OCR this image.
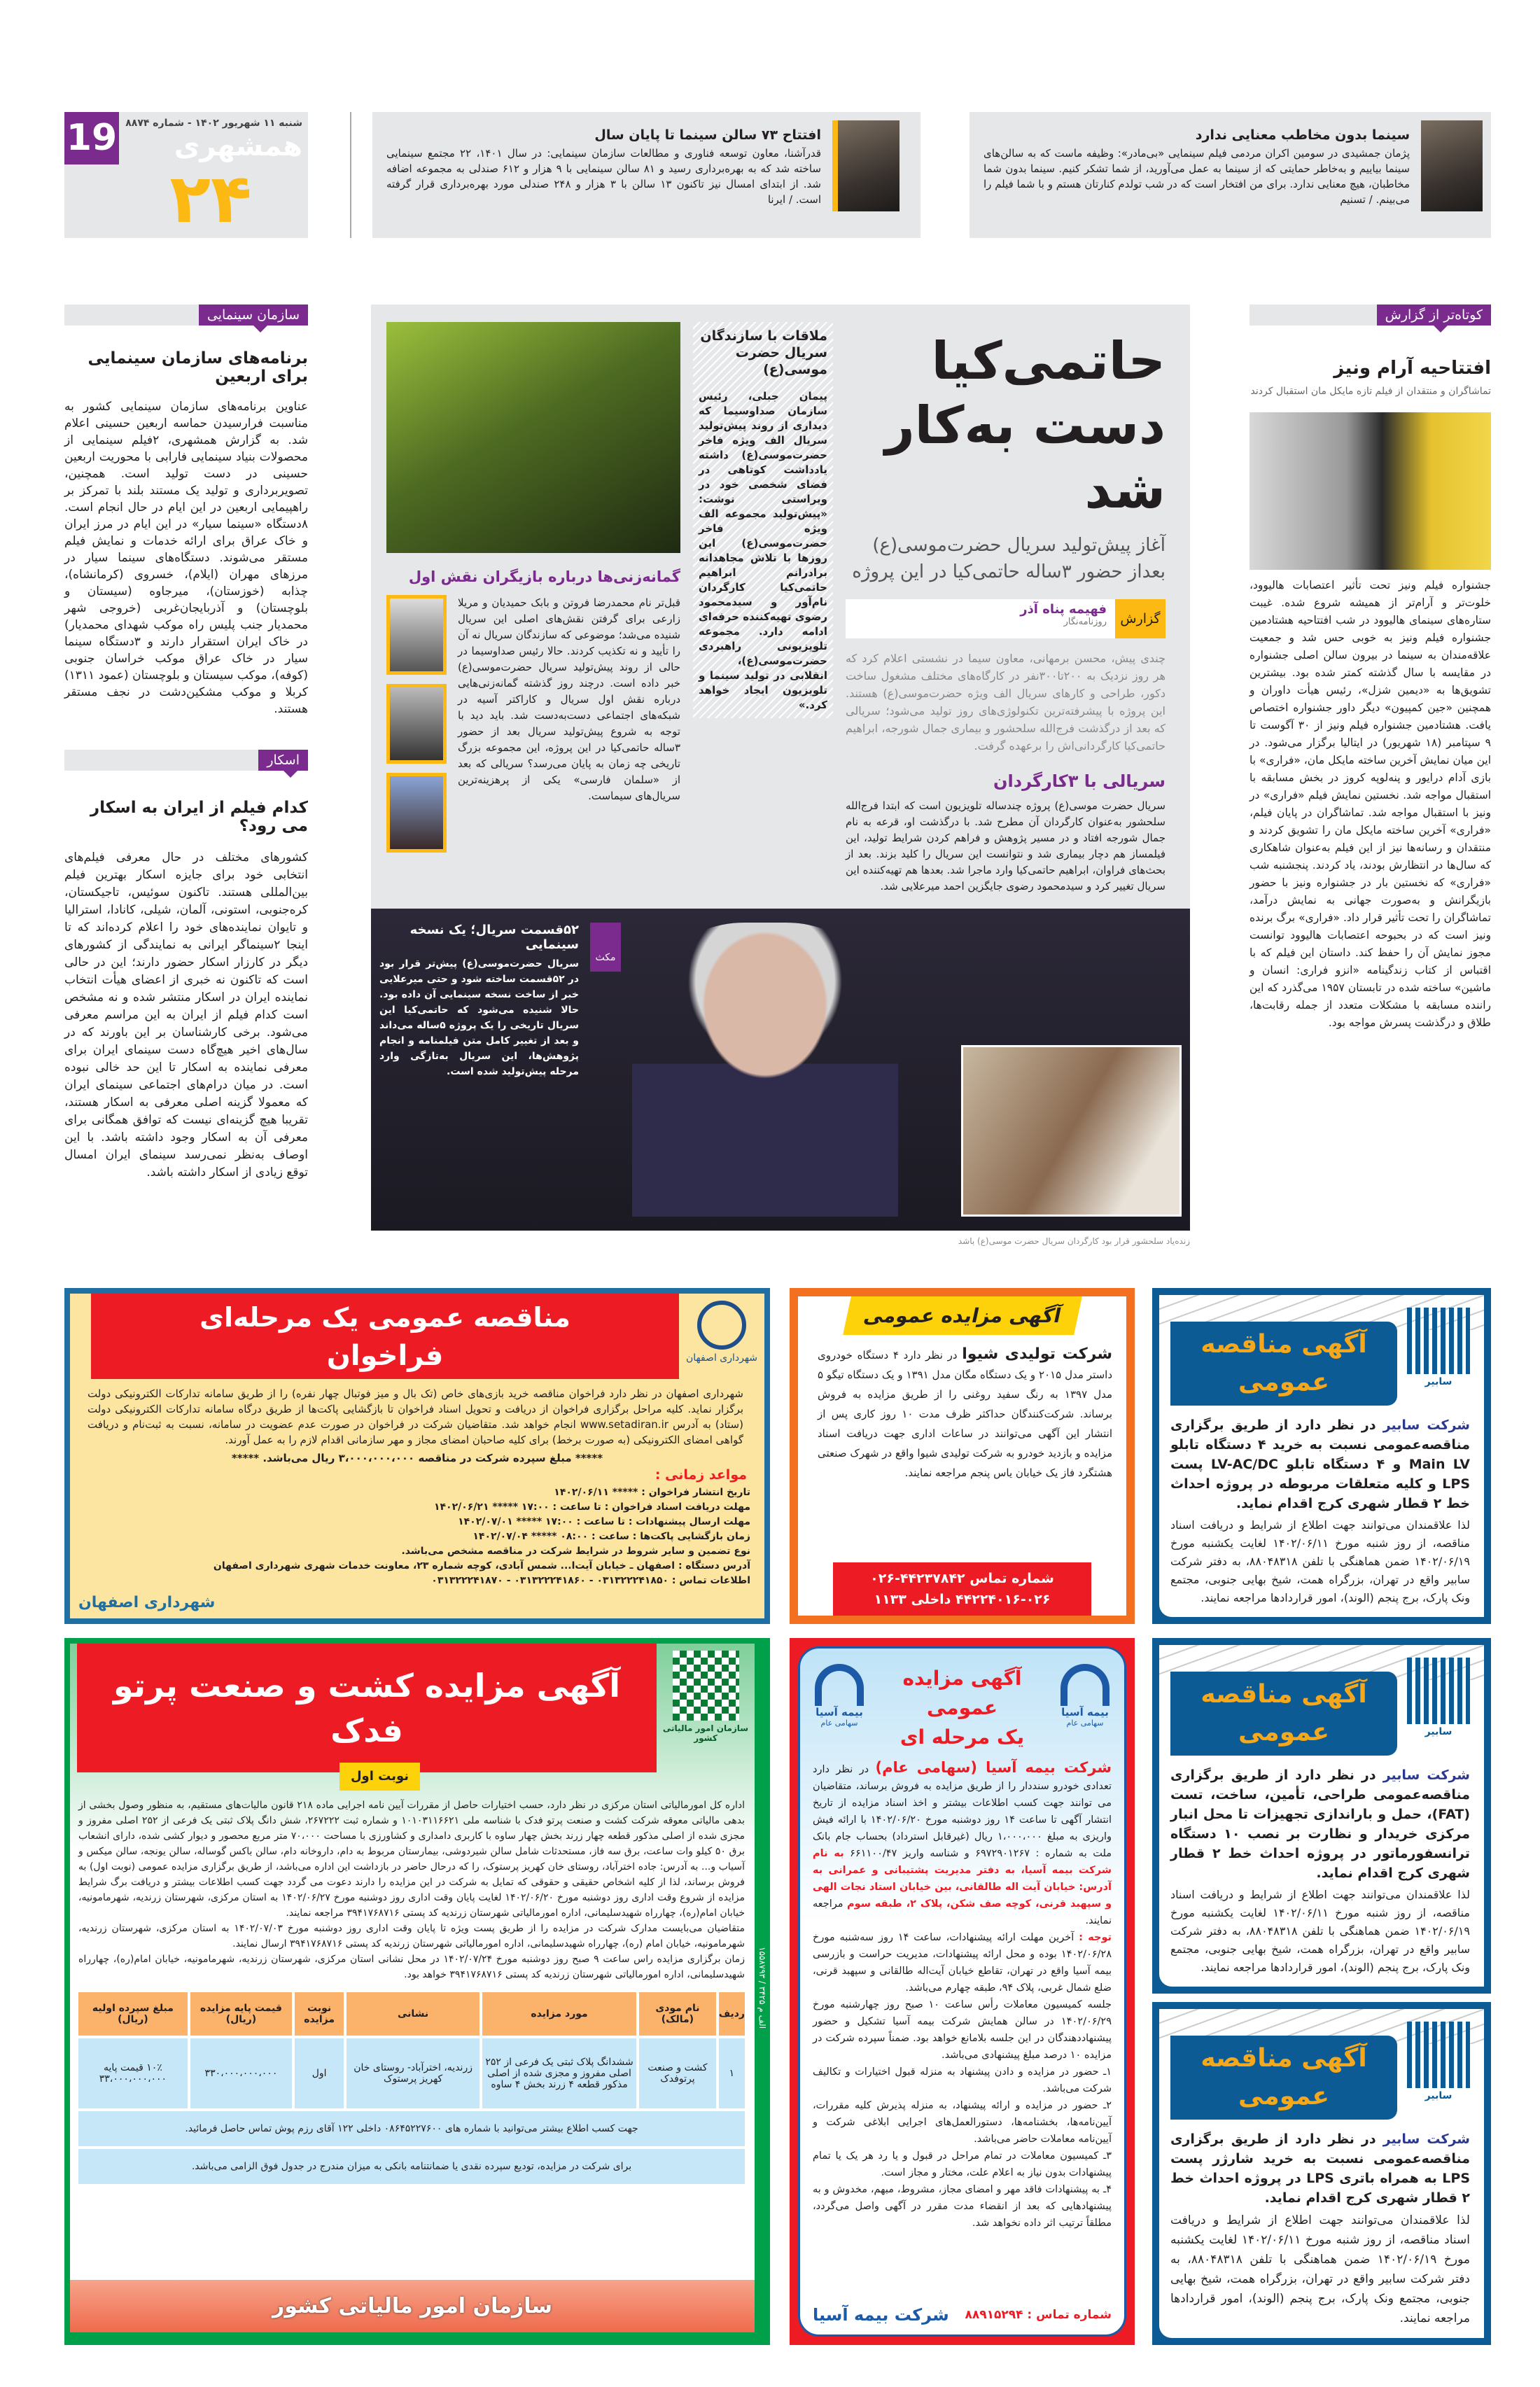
19 شنبه ۱۱ شهریور ۱۴۰۲ - شماره ۸۸۷۴
همشهری
۲۴
افتتاح ۷۳ سالن سینما تا پایان سال
قدرآشنا، معاون توسعه فناوری و مطالعات سازمان سینمایی: در سال ۱۴۰۱، ۲۲ مجتمع سینمایی ساخته شد که به بهره‌برداری رسید و ۸۱ سالن سینمایی با ۹ هزار و ۶۱۲ صندلی به مجموعه اضافه شد. از ابتدای امسال نیز تاکنون ۱۳ سالن با ۳ هزار و ۲۴۸ صندلی مورد بهره‌برداری قرار گرفته است. / ایرنا
سینما بدون مخاطب معنایی ندارد
پژمان جمشیدی در سومین اکران مردمی فیلم سینمایی «بی‌مادر»: وظیفه ماست که به سالن‌های سینما بیاییم و به‌خاطر حمایتی که از سینما به عمل می‌آورید، از شما تشکر کنیم. سینما بدون شما مخاطبان، هیچ معنایی ندارد. برای من افتخار است که در شب تولدم کنارتان هستم و با شما فیلم را می‌بینم. / تسنیم
سازمان سینمایی
برنامه‌های سازمان سینمایی برای اربعین

عناوین برنامه‌های سازمان سینمایی کشور به مناسبت فرارسیدن حماسه اربعین حسینی اعلام شد. به گزارش همشهری، ۲فیلم سینمایی از محصولات بنیاد سینمایی فارابی با محوریت اربعین حسینی در دست تولید است. همچنین، تصویربرداری و تولید یک مستند بلند با تمرکز بر راهپیمایی اربعین در این ایام در حال انجام است. ۸دستگاه «سینما سیار» در این ایام در مرز ایران و خاک عراق برای ارائه خدمات و نمایش فیلم مستقر می‌شوند. دستگاه‌های سینما سیار در مرزهای مهران (ایلام)، خسروی (کرمانشاه)، چذابه (خوزستان)، میرجاوه (سیستان و بلوچستان) و آذربایجان‌غربی (خروجی شهر محمدیار جنب پلیس راه موکب شهدای محمدیار) در خاک ایران استقرار دارند و ۳دستگاه سینما سیار در خاک عراق موکب خراسان جنوبی (کوفه)، موکب سیستان و بلوچستان (عمود ۱۳۱۱) کربلا و موکب مشکین‌دشت در نجف مستقر هستند.

اسکار
کدام فیلم از ایران به اسکار می رود؟

کشورهای مختلف در حال معرفی فیلم‌های انتخابی خود برای جایزه اسکار بهترین فیلم بین‌المللی هستند. تاکنون سوئیس، تاجیکستان، کره‌جنوبی، استونی، آلمان، شیلی، کانادا، استرالیا و تایوان نماینده‌های خود را اعلام کرده‌اند که تا اینجا ۲سینماگر ایرانی به نمایندگی از کشورهای دیگر در کارزار اسکار حضور دارند؛ این در حالی است که تاکنون نه خبری از اعضای هیأت انتخاب نماینده ایران در اسکار منتشر شده و نه مشخص است کدام فیلم از ایران به این مراسم معرفی می‌شود. برخی کارشناسان بر این باورند که در سال‌های اخیر هیچ‌گاه دست سینمای ایران برای معرفی نماینده به اسکار تا این حد خالی نبوده است. در میان درام‌های اجتماعی سینمای ایران که معمولا گزینه اصلی معرفی به اسکار هستند، تقریبا هیچ گزینه‌ای نیست که توافق همگانی برای معرفی آن به اسکار وجود داشته باشد. با این اوصاف به‌نظر نمی‌رسد سینمای ایران امسال توقع زیادی از اسکار داشته باشد.

گمانه‌زنی‌ها درباره بازیگران نقش اول

قبل‌تر نام محمدرضا فروتن و بابک حمیدیان و مریلا زارعی برای گرفتن نقش‌های اصلی این سریال شنیده می‌شد؛ موضوعی که سازندگان سریال نه آن را تأیید و نه تکذیب کردند. حالا رئیس صداوسیما در حالی از روند پیش‌تولید سریال حضرت‌موسی(ع) خبر داده است. درچند روز گذشته گمانه‌زنی‌هایی درباره نقش اول سریال و کاراکتر آسیه در شبکه‌های اجتماعی دست‌به‌دست شد. باید دید با توجه به شروع پیش‌تولید سریال بعد از حضور ۳ساله حاتمی‌کیا در این پروژه، این مجموعه بزرگ تاریخی چه زمان به پایان می‌رسد؟ سریالی که بعد از «سلمان فارسی» یکی از پرهزینه‌ترین سریال‌های سیماست.

ملاقات با سازندگان سریال حضرت موسی(ع)
پیمان جبلی، رئیس سازمان صداوسیما که دیداری از روند پیش‌تولید سریال الف ویژه فاخر حضرت‌موسی(ع) داشته یادداشت کوتاهی در فضای شخصی خود در ویراستی نوشت: «پیش‌تولید مجموعه الف ویژه فاخر حضرت‌موسی(ع) این روزها با تلاش مجاهدانه برادرانم ابراهیم حاتمی‌کیا کارگردان نام‌آور و سیدمحمود رضوی تهیه‌کننده حرفه‌ای ادامه دارد. مجموعه تلویزیونی راهبردی حضرت‌موسی(ع)، انقلابی در تولید سینما و تلویزیون ایجاد خواهد کرد.»
حاتمی‌کیا
دست به‌کار شد
آغاز پیش‌تولید سریال حضرت‌موسی(ع) بعداز حضور ۳ساله حاتمی‌کیا در این پروژه
گزارش
فهیمه پناه آذر
روزنامه‌نگار

چندی پیش، محسن برمهانی، معاون سیما در نشستی اعلام کرد که هر روز نزدیک به ۲۰۰تا۳۰۰نفر در کارگاه‌های مختلف مشغول ساخت دکور، طراحی و کارهای سریال الف ویژه حضرت‌موسی(ع) هستند. این پروژه با پیشرفته‌ترین تکنولوژی‌های روز تولید می‌شود؛ سریالی که بعد از درگذشت فرج‌الله سلحشور و بیماری جمال شورجه، ابراهیم حاتمی‌کیا کارگردانی‌اش را برعهده گرفت.

سریالی با ۳کارگردان

سریال حضرت موسی(ع) پروژه چندساله تلویزیون است که ابتدا فرج‌الله سلحشور به‌عنوان کارگردان آن مطرح شد. با درگذشت او، قرعه به نام جمال شورجه افتاد و در مسیر پژوهش و فراهم کردن شرایط تولید، این فیلمساز هم دچار بیماری شد و نتوانست این سریال را کلید بزند. بعد از بحث‌های فراوان، ابراهیم حاتمی‌کیا وارد ماجرا شد. بعدها هم تهیه‌کننده این سریال تغییر کرد و سیدمحمود رضوی جایگزین احمد میرعلایی شد.

۵۲قسمت سریال؛ یک نسخه سینمایی
سریال حضرت‌موسی(ع) پیش‌تر قرار بود در ۵۲قسمت ساخته شود و حتی میرعلایی خبر از ساخت نسخه سینمایی آن داده بود. حالا شنیده می‌شود که حاتمی‌کیا این سریال تاریخی را یک پروژه ۵ساله می‌داند و بعد از تغییر کامل متن فیلمنامه و انجام پژوهش‌ها، این سریال به‌تازگی وارد مرحله پیش‌تولید شده است.
مکث
زنده‌یاد سلحشور قرار بود کارگردان سریال حضرت موسی(ع) باشد
کوتاه‌تر از گزارش
افتتاحیه آرام ونیز
تماشاگران و منتقدان از فیلم تازه مایکل مان استقبال کردند

جشنواره فیلم ونیز تحت تأثیر اعتصابات هالیوود، خلوت‌تر و آرام‌تر از همیشه شروع شده. غیبت ستاره‌های سینمای هالیوود در شب افتتاحیه هشتادمین جشنواره فیلم ونیز به خوبی حس شد و جمعیت علاقه‌مندان به سینما در بیرون سالن اصلی جشنواره در مقایسه با سال گذشته کمتر شده بود. بیشترین تشویق‌ها به «دیمین شزل»، رئیس هیأت داوران و همچنین «جین کمپیون» دیگر داور جشنواره اختصاص یافت. هشتادمین جشنواره فیلم ونیز از ۳۰ آگوست تا ۹ سپتامبر (۱۸ شهریور) در ایتالیا برگزار می‌شود. در این میان نمایش آخرین ساخته مایکل مان، «فراری» با بازی آدام درایور و پنه‌لوپه کروز در بخش مسابقه با استقبال مواجه شد. نخستین نمایش فیلم «فراری» در ونیز با استقبال مواجه شد. تماشاگران در پایان فیلم، «فراری» آخرین ساخته مایکل مان را تشویق کردند و منتقدان و رسانه‌ها نیز از این فیلم به‌عنوان شاهکاری که سال‌ها در انتظارش بودند، یاد کردند. پنجشنبه شب «فراری» که نخستین بار در جشنواره ونیز با حضور بازیگرانش و به‌صورت جهانی به نمایش درآمد، تماشاگران را تحت تأثیر قرار داد. «فراری» برگ برنده ونیز است که در بحبوحه اعتصابات هالیوود توانست مجوز نمایش آن را حفظ کند. داستان این فیلم که با اقتباس از کتاب زندگینامه «انزو فراری: انسان و ماشین» ساخته شده در تابستان ۱۹۵۷ می‌گذرد که این راننده مسابقه با مشکلات متعدد از جمله رقابت‌ها، طلاق و درگذشت پسرش مواجه بود.

مناقصه عمومی یک مرحله‌ای
فراخوان	شهرداری اصفهان

شهرداری اصفهان در نظر دارد فراخوان مناقصه خرید بازی‌های خاص (تک بال و میز فوتبال چهار نفره) را از طریق سامانه تدارکات الکترونیکی دولت برگزار نماید. کلیه مراحل برگزاری فراخوان از دریافت و تحویل اسناد فراخوان تا بازگشایی پاکت‌ها از طریق درگاه سامانه تدارکات الکترونیکی دولت (ستاد) به آدرس www.setadiran.ir انجام خواهد شد. متقاضیان شرکت در فراخوان در صورت عدم عضویت در سامانه، نسبت به ثبت‌نام و دریافت گواهی امضای الکترونیکی (به صورت برخط) برای کلیه صاحبان امضای مجاز و مهر سازمانی اقدام لازم را به عمل آورند.

***** مبلغ سپرده شرکت در مناقصه ۳،۰۰۰،۰۰۰،۰۰۰ ریال می‌باشد. *****
مواعد زمانی :
تاریخ انتشار فراخوان : ***** ۱۴۰۲/۰۶/۱۱
مهلت دریافت اسناد فراخوان : تا ساعت : ۱۷:۰۰ ***** ۱۴۰۲/۰۶/۲۱
مهلت ارسال پیشنهادات : تا ساعت : ۱۷:۰۰ ***** ۱۴۰۲/۰۷/۰۱
زمان بازگشایی پاکت‌ها : ساعت : ۰۸:۰۰ ***** ۱۴۰۲/۰۷/۰۴
نوع تضمین و سایر شروط در شرایط شرکت در مناقصه مشخص می‌باشد.
آدرس دستگاه : اصفهان ـ خیابان آیت‌ا... شمس آبادی، کوچه شماره ۲۳، معاونت خدمات شهری شهرداری اصفهان
اطلاعات تماس : ۰۳۱۳۲۲۲۴۱۸۵۰ - ۰۳۱۳۲۲۲۴۱۸۶۰ - ۰۳۱۳۲۲۲۴۱۸۷۰
شهرداری اصفهان
آگهی مزایده عمومی
شرکت تولیدی شیوا در نظر دارد ۴ دستگاه خودروی داستر مدل ۲۰۱۵ و یک دستگاه مگان مدل ۱۳۹۱ و یک دستگاه تیگو ۵ مدل ۱۳۹۷ به رنگ سفید روغنی را از طریق مزایده به فروش برساند. شرکت‌کنندگان حداکثر ظرف مدت ۱۰ روز کاری پس از انتشار این آگهی می‌توانند در ساعات اداری جهت دریافت اسناد مزایده و بازدید خودرو به شرکت تولیدی شیوا واقع در شهرک صنعتی هشتگرد فاز یک خیابان یاس پنجم مراجعه نمایند.
شماره تماس ۴۴۲۳۷۸۴۲-۰۲۶
۴۴۲۲۴۰۱۶-۰۲۶ داخلی ۱۱۳۳
آگهی مناقصه عمومی	سابیر
شرکت سابیر در نظر دارد از طریق برگزاری مناقصه‌عمومی نسبت به خرید ۴ دستگاه تابلو Main LV و ۴ دستگاه تابلو LV-AC/DC پست LPS و کلیه متعلقات مربوطه در پروژه احداث خط ۲ قطار شهری کرج اقدام نماید.
لذا علاقمندان می‌توانند جهت اطلاع از شرایط و دریافت اسناد مناقصه، از روز شنبه مورخ ۱۴۰۲/۰۶/۱۱ لغایت یکشنبه مورخ ۱۴۰۲/۰۶/۱۹ ضمن هماهنگی با تلفن ۸۸۰۴۸۳۱۸، به دفتر شرکت سابیر واقع در تهران، بزرگراه همت، شیخ بهایی جنوبی، مجتمع ونک پارک، برج پنجم (الوند)، امور قراردادها مراجعه نمایند.
آگهی مزایده کشت و صنعت پرتو فدک	سازمان امور مالیاتی کشور
نوبت اول

اداره کل امورمالیاتی استان مرکزی در نظر دارد، حسب اختیارات حاصل از مقررات آیین نامه اجرایی ماده ۲۱۸ قانون مالیات‌های مستقیم، به منظور وصول بخشی از بدهی مالیاتی معوقه شرکت کشت و صنعت پرتو فدک با شناسه ملی ۱۰۱۰۳۱۱۶۶۲۱ و شماره ثبت ۲۶۷۲۲۲، شش دانگ پلاک ثبتی یک فرعی از ۲۵۲ اصلی مفروز و مجزی شده از اصلی مذکور قطعه چهار زرند بخش چهار ساوه با کاربری دامداری و کشاورزی با مساحت ۷۰،۰۰۰ متر مربع محصور و دیوار کشی شده، دارای انشعاب برق ۵۰ کیلو وات ساعت، برق سه فاز، مستحدثات شامل سالن شیردوشی، بیمارستان مربوط به دام، داروخانه دام، سالن باکس گوساله، سالن یونجه، سالن میکس و آسیاب و... به آدرس: جاده اخترآباد، روستای خان کهریز پرستوک، را که درحال حاضر در بازداشت این اداره می‌باشد، از طریق برگزاری مزایده عمومی (نوبت اول) به فروش برساند، لذا از کلیه اشخاص حقیقی و حقوقی که تمایل به شرکت در این مزایده را دارند دعوت می گردد جهت کسب اطلاعات بیشتر و دریافت برگ شرایط مزایده از شروع وقت اداری روز دوشنبه مورخ ۱۴۰۲/۰۶/۲۰ لغایت پایان وقت اداری روز دوشنبه مورخ ۱۴۰۲/۰۶/۲۷ به استان مرکزی، شهرستان زرندیه، شهرمامونیه، خیابان امام(ره)، چهارراه شهیدسلیمانی، اداره امورمالیاتی شهرستان زرندیه کد پستی ۳۹۴۱۷۶۸۷۱۶ مراجعه نمایند.

متقاضیان می‌بایست مدارک شرکت در مزایده را از طریق پست ویژه تا پایان وقت اداری روز دوشنبه مورخ ۱۴۰۲/۰۷/۰۳ به استان مرکزی، شهرستان زرندیه، شهرمامونیه، خیابان امام (ره)، چهارراه شهیدسلیمانی، اداره امورمالیاتی شهرستان زرندیه کد پستی ۳۹۴۱۷۶۸۷۱۶ ارسال نمایند.

زمان برگزاری مزایده راس ساعت ۹ صبح روز دوشنبه مورخ ۱۴۰۲/۰۷/۲۴ در محل نشانی استان مرکزی، شهرستان زرندیه، شهرمامونیه، خیابان امام(ره)، چهارراه شهیدسلیمانی، اداره امورمالیاتی شهرستان زرندیه کد پستی ۳۹۴۱۷۶۸۷۱۶ خواهد بود.

ردیف	نام مودی (مالک)	مورد مزایده	نشانی	نوبت مزایده	قیمت پایه مزایده (ریال)	مبلغ سپرده اولیه (ریال)
۱	کشت و صنعت پرتوفدک	ششدانگ پلاک ثبتی یک فرعی از ۲۵۲ اصلی مفروز و مجزی شده از اصلی مذکور قطعه ۴ زرند بخش ۴ ساوه	زرندیه، اخترآباد- روستای خان کهریز پرستوک	اول	۳۳۰،۰۰۰،۰۰۰،۰۰۰	۱۰٪ قیمت پایه ۳۳،۰۰۰،۰۰۰،۰۰۰
جهت کسب اطلاع بیشتر می‌توانید با شماره های ۰۸۶۴۵۲۲۷۶۰۰ داخلی ۱۲۲ آقای رزم پوش تماس حاصل فرمائید.						
برای شرکت در مزایده، تودیع سپرده نقدی یا ضمانتنامه بانکی به میزان مندرج در جدول فوق الزامی می‌باشد.						
سازمان امور مالیاتی کشور
۱۵۵۸۷۹۳ / ۳۴۲۵ الف م
بیمه آسیا
سهامی عام
آگهی مزایده عمومی
یک مرحله ای
بیمه آسیا
سهامی عام
شرکت بیمه آسیا (سهامی عام) در نظر دارد تعدادی خودرو سنددار را از طریق مزایده به فروش برساند، متقاضیان می توانند جهت کسب اطلاعات بیشتر و اخذ اسناد مزایده از تاریخ انتشار آگهی تا ساعت ۱۴ روز دوشنبه مورخ ۱۴۰۲/۰۶/۲۰ با ارائه فیش واریزی به مبلغ ۱،۰۰۰،۰۰۰ ریال (غیرقابل استرداد) بحساب جام بانک ملت به شماره : ۶۹۷۲۹۰۱۲۶۷ و شناسه واریز ۶۶۱۱۰۰/۴۷ به نام شرکت بیمه آسیا، به دفتر مدیریت پشتیبانی و عمرانی به آدرس: خیابان آیت اله طالقانی، بین خیابان استاد نجات الهی و سپهبد قرنی، کوچه صف شکن، پلاک ۲، طبقه سوم مراجعه نمایند.
توجه : آخرین مهلت ارائه پیشنهادات، ساعت ۱۴ روز سه‌شنبه مورخ ۱۴۰۲/۰۶/۲۸ بوده و محل ارائه پیشنهادات، مدیریت حراست و بازرسی بیمه آسیا واقع در تهران، تقاطع خیابان آیت‌اله طالقانی و سپهبد قرنی، ضلع شمال غربی، پلاک ۹۴، طبقه چهارم می‌باشد.
جلسه کمیسیون معاملات رأس ساعت ۱۰ صبح روز چهارشنبه مورخ ۱۴۰۲/۰۶/۲۹ در سالن همایش شرکت بیمه آسیا تشکیل و حضور پیشنهاددهندگان در این جلسه بلامانع خواهد بود. ضمناً سپرده شرکت در مزایده ۱۰ درصد مبلغ پیشنهادی می‌باشد.
۱ـ حضور در مزایده و دادن پیشنهاد به منزله قبول اختیارات و تکالیف شرکت می‌باشد.
۲ـ حضور در مزایده و ارائه پیشنهاد، به منزله پذیرش کلیه مقررات، آیین‌نامه‌ها، بخشنامه‌ها، دستورالعمل‌های اجرایی ابلاغی شرکت و آیین‌نامه معاملات حاضر می‌باشد.
۳ـ کمیسیون معاملات در تمام مراحل در قبول و یا رد هر یک یا تمام پیشنهادات بدون نیاز به اعلام علت، مختار و مجاز است.
۴ـ به پیشنهادات فاقد مهر و امضای مجاز، مشروط، مبهم، مخدوش و به پیشنهادهایی که بعد از انقضاء مدت مقرر در آگهی واصل می‌گردد، مطلقاً ترتیب اثر داده نخواهد شد.
شرکت بیمه آسیا شماره تماس : ۸۸۹۱۵۲۹۴
آگهی مناقصه عمومی	سابیر
شرکت سابیر در نظر دارد از طریق برگزاری مناقصه‌عمومی طراحی، تأمین، ساخت، تست (FAT)، حمل و باراندازی تجهیزات تا محل انبار مرکزی خریدار و نظارت بر نصب ۱۰ دستگاه ترانسفورماتور در پروژه احداث خط ۲ قطار شهری کرج اقدام نماید.
لذا علاقمندان می‌توانند جهت اطلاع از شرایط و دریافت اسناد مناقصه، از روز شنبه مورخ ۱۴۰۲/۰۶/۱۱ لغایت یکشنبه مورخ ۱۴۰۲/۰۶/۱۹ ضمن هماهنگی با تلفن ۸۸۰۴۸۳۱۸، به دفتر شرکت سابیر واقع در تهران، بزرگراه همت، شیخ بهایی جنوبی، مجتمع ونک پارک، برج پنجم (الوند)، امور قراردادها مراجعه نمایند.
آگهی مناقصه عمومی	سابیر
شرکت سابیر در نظر دارد از طریق برگزاری مناقصه‌عمومی نسبت به خرید شارژر پست LPS به همراه باتری LPS در پروژه احداث خط ۲ قطار شهری کرج اقدام نماید.
لذا علاقمندان می‌توانند جهت اطلاع از شرایط و دریافت اسناد مناقصه، از روز شنبه مورخ ۱۴۰۲/۰۶/۱۱ لغایت یکشنبه مورخ ۱۴۰۲/۰۶/۱۹ ضمن هماهنگی با تلفن ۸۸۰۴۸۳۱۸، به دفتر شرکت سابیر واقع در تهران، بزرگراه همت، شیخ بهایی جنوبی، مجتمع ونک پارک، برج پنجم (الوند)، امور قراردادها مراجعه نمایند.
